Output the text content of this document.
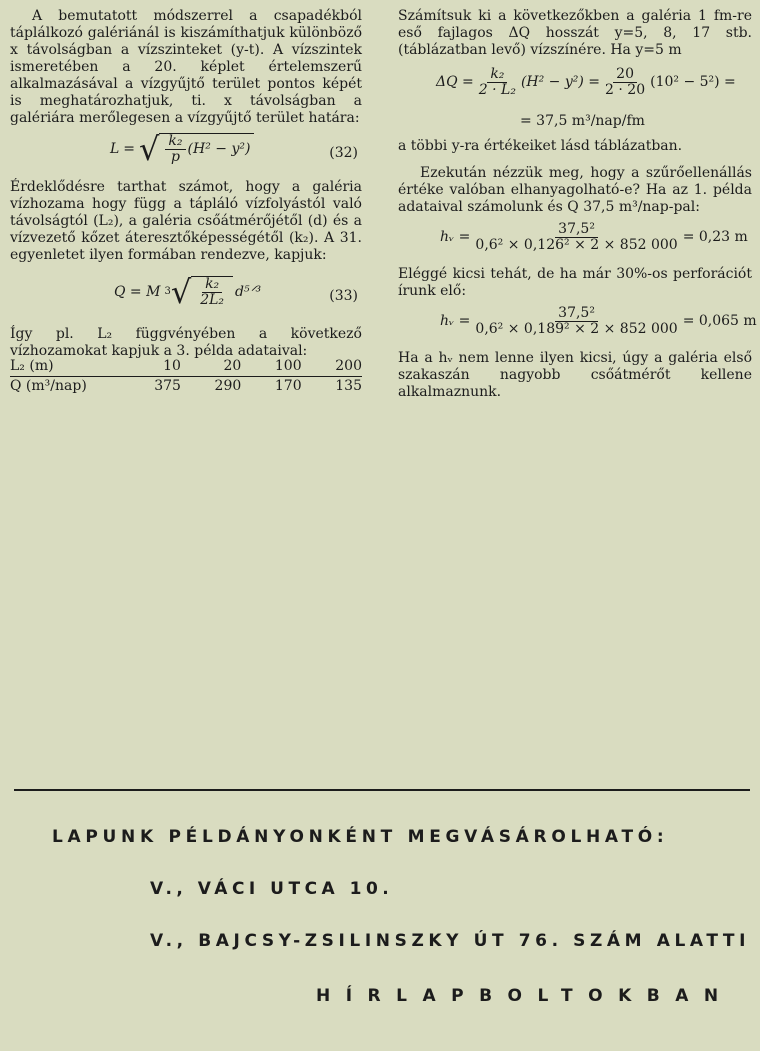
A bemutatott módszerrel a csapadékból táplálkozó galériánál is kiszámíthatjuk különböző x távolságban a vízszinteket (y-t). A vízszintek ismeretében a 20. képlet értelemszerű alkalmazásával a vízgyűjtő terület pontos képét is meghatározhatjuk, ti. x távolságban a galériára merőlegesen a vízgyűjtő terület határa:

L = √ $\frac{\text{k₂}}{p} (H^2 - y^2)$	(32)

Érdeklődésre tarthat számot, hogy a galéria vízhozama hogy függ a tápláló vízfolyástól való távolságtól (L₂), a galéria csőátmérőjétől (d) és a vízvezető kőzet áteresztőképességétől (k₂). A 31. egyenletet ilyen formában rendezve, kapjuk:

Q = M 3 √ $\frac{\text{k₂}}{\text{2L₂}}$ d⁵ᐟ³	(33)

Így pl. L₂ függvényében a következő vízhozamokat kapjuk a 3. példa adataival:

L₂ (m)	10	20	100	200
Q (m³/nap)	375	290	170	135

Számítsuk ki a következőkben a galéria 1 fm-re eső fajlagos ΔQ hosszát y=5, 8, 17 stb. (táblázatban levő) vízszínére. Ha y=5 m

$\Delta Q = \frac{\text{k₂}}{\text{2 · L₂}} (H^2 - y^2) = \frac{20}{2 \cdot 20} (10^2 - 5^2)$ =
= 37,5 m³/nap/fm

a többi y-ra értékeiket lásd táblázatban.

Ezekután nézzük meg, hogy a szűrőellenállás értéke valóban elhanyagolható-e? Ha az 1. példa adataival számolunk és Q 37,5 m³/nap-pal:

hᵥ = $\frac{\text{37,5²}}{\text{0,6² × 0,126² × 2 × 852 000}} = 0,23$ m

Eléggé kicsi tehát, de ha már 30%-os perforációt írunk elő:

hᵥ = $\frac{\text{37,5²}}{\text{0,6² × 0,189² × 2 × 852 000}} = 0,065$ m

Ha a hᵥ nem lenne ilyen kicsi, úgy a galéria első szakaszán nagyobb csőátmérőt kellene alkalmaznunk.

LAPUNK PÉLDÁNYONKÉNT MEGVÁSÁROLHATÓ:
V., VÁCI UTCA 10.
V., BAJCSY-ZSILINSZKY ÚT 76. SZÁM ALATTI
HÍRLAPBOLTOKBAN
